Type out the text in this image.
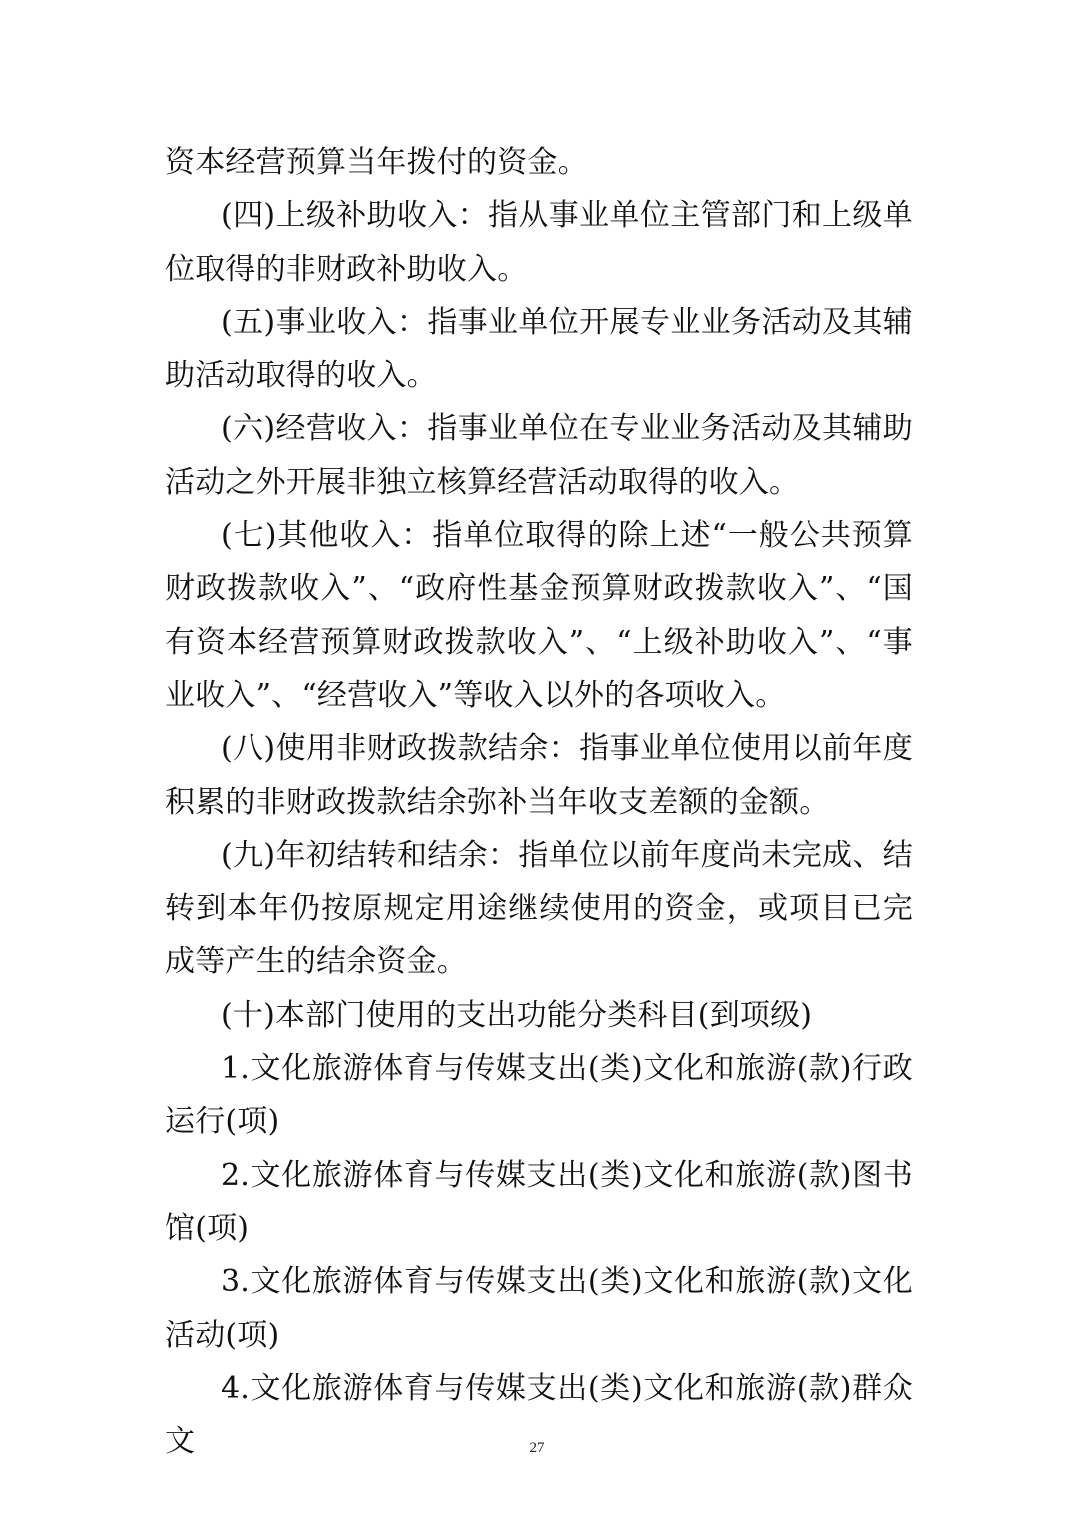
资本经营预算当年拨付的资金。

(四)上级补助收入：指从事业单位主管部门和上级单位取得的非财政补助收入。

(五)事业收入：指事业单位开展专业业务活动及其辅助活动取得的收入。

(六)经营收入：指事业单位在专业业务活动及其辅助活动之外开展非独立核算经营活动取得的收入。

(七)其他收入：指单位取得的除上述“一般公共预算财政拨款收入”、“政府性基金预算财政拨款收入”、“国有资本经营预算财政拨款收入”、“上级补助收入”、“事业收入”、“经营收入”等收入以外的各项收入。

(八)使用非财政拨款结余：指事业单位使用以前年度积累的非财政拨款结余弥补当年收支差额的金额。

(九)年初结转和结余：指单位以前年度尚未完成、结转到本年仍按原规定用途继续使用的资金，或项目已完成等产生的结余资金。

(十)本部门使用的支出功能分类科目(到项级)

1.文化旅游体育与传媒支出(类)文化和旅游(款)行政运行(项)

2.文化旅游体育与传媒支出(类)文化和旅游(款)图书馆(项)

3.文化旅游体育与传媒支出(类)文化和旅游(款)文化活动(项)

4.文化旅游体育与传媒支出(类)文化和旅游(款)群众文	27
